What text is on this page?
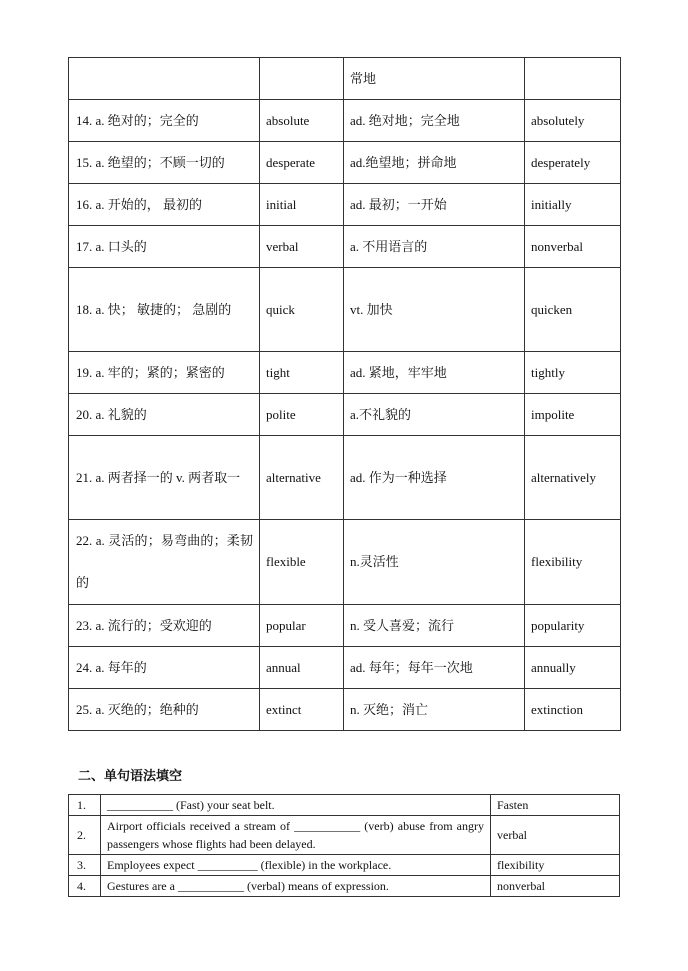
		常地	
14. a. 绝对的；完全的	absolute	ad. 绝对地；完全地	absolutely
15. a. 绝望的；不顾一切的	desperate	ad.绝望地；拼命地	desperately
16. a. 开始的， 最初的	initial	ad. 最初；一开始	initially
17. a. 口头的	verbal	a. 不用语言的	nonverbal

18. a. 快； 敏捷的； 急剧的	quick	vt. 加快	quicken
19. a. 牢的；紧的；紧密的	tight	ad. 紧地，牢牢地	tightly
20. a. 礼貌的	polite	a.不礼貌的	impolite

21. a. 两者择一的 v. 两者取一	alternative	ad. 作为一种选择	alternatively

22. a. 灵活的；易弯曲的；柔韧的	flexible	n.灵活性	flexibility
23. a. 流行的；受欢迎的	popular	n. 受人喜爱；流行	popularity
24. a. 每年的	annual	ad. 每年；每年一次地	annually
25. a. 灭绝的；绝种的	extinct	n. 灭绝；消亡	extinction
二、单句语法填空
1.	___________ (Fast) your seat belt.	Fasten
2.	Airport officials received a stream of ___________ (verb) abuse from angry passengers whose flights had been delayed.	verbal
3.	Employees expect __________ (flexible) in the workplace.	flexibility
4.	Gestures are a ___________ (verbal) means of expression.	nonverbal
